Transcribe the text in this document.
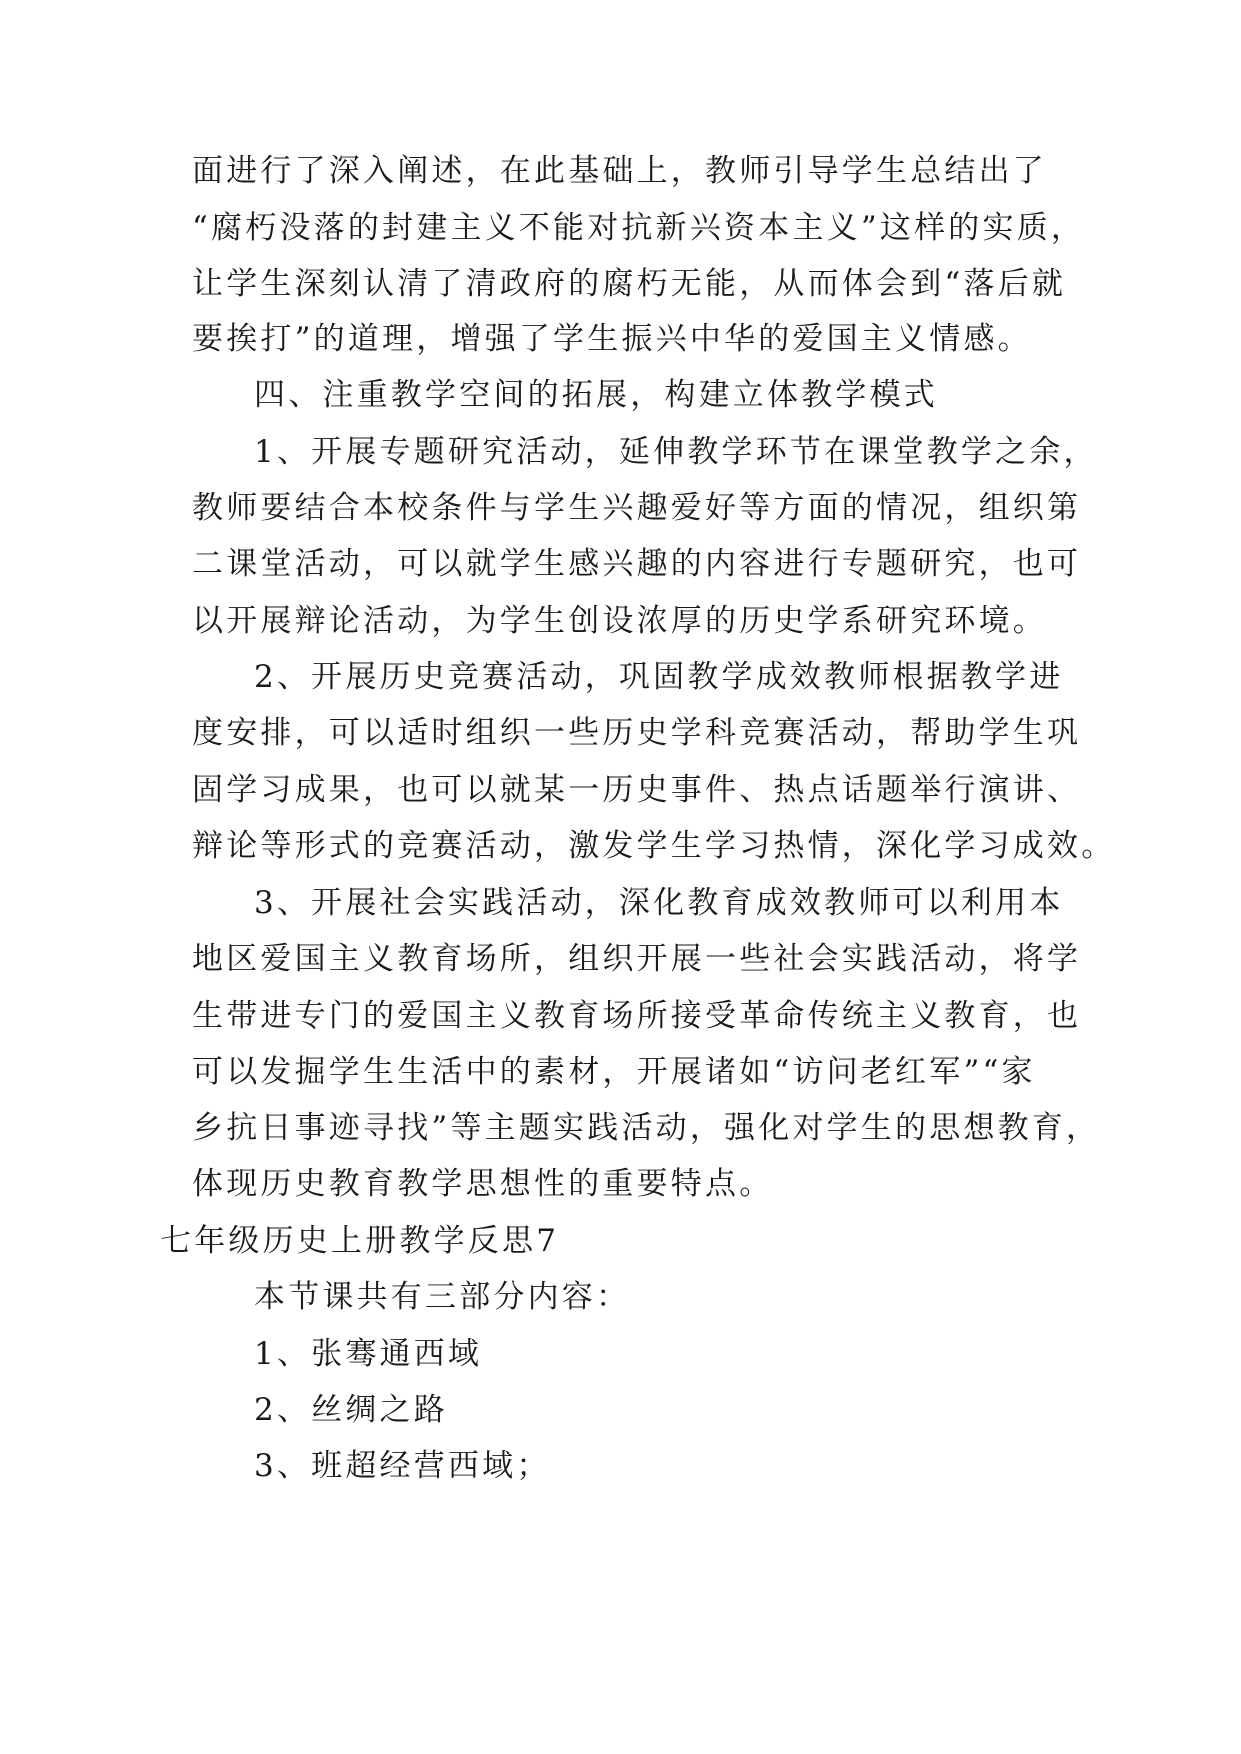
面进行了深入阐述，在此基础上，教师引导学生总结出了
“腐朽没落的封建主义不能对抗新兴资本主义”这样的实质，
让学生深刻认清了清政府的腐朽无能，从而体会到“落后就
要挨打”的道理，增强了学生振兴中华的爱国主义情感。
四、注重教学空间的拓展，构建立体教学模式
1、开展专题研究活动，延伸教学环节在课堂教学之余，
教师要结合本校条件与学生兴趣爱好等方面的情况，组织第
二课堂活动，可以就学生感兴趣的内容进行专题研究，也可
以开展辩论活动，为学生创设浓厚的历史学系研究环境。
2、开展历史竞赛活动，巩固教学成效教师根据教学进
度安排，可以适时组织一些历史学科竞赛活动，帮助学生巩
固学习成果，也可以就某一历史事件、热点话题举行演讲、
辩论等形式的竞赛活动，激发学生学习热情，深化学习成效。
3、开展社会实践活动，深化教育成效教师可以利用本
地区爱国主义教育场所，组织开展一些社会实践活动，将学
生带进专门的爱国主义教育场所接受革命传统主义教育，也
可以发掘学生生活中的素材，开展诸如“访问老红军”“家
乡抗日事迹寻找”等主题实践活动，强化对学生的思想教育，
体现历史教育教学思想性的重要特点。
七年级历史上册教学反思7
本节课共有三部分内容：
1、张骞通西域
2、丝绸之路
3、班超经营西域；
